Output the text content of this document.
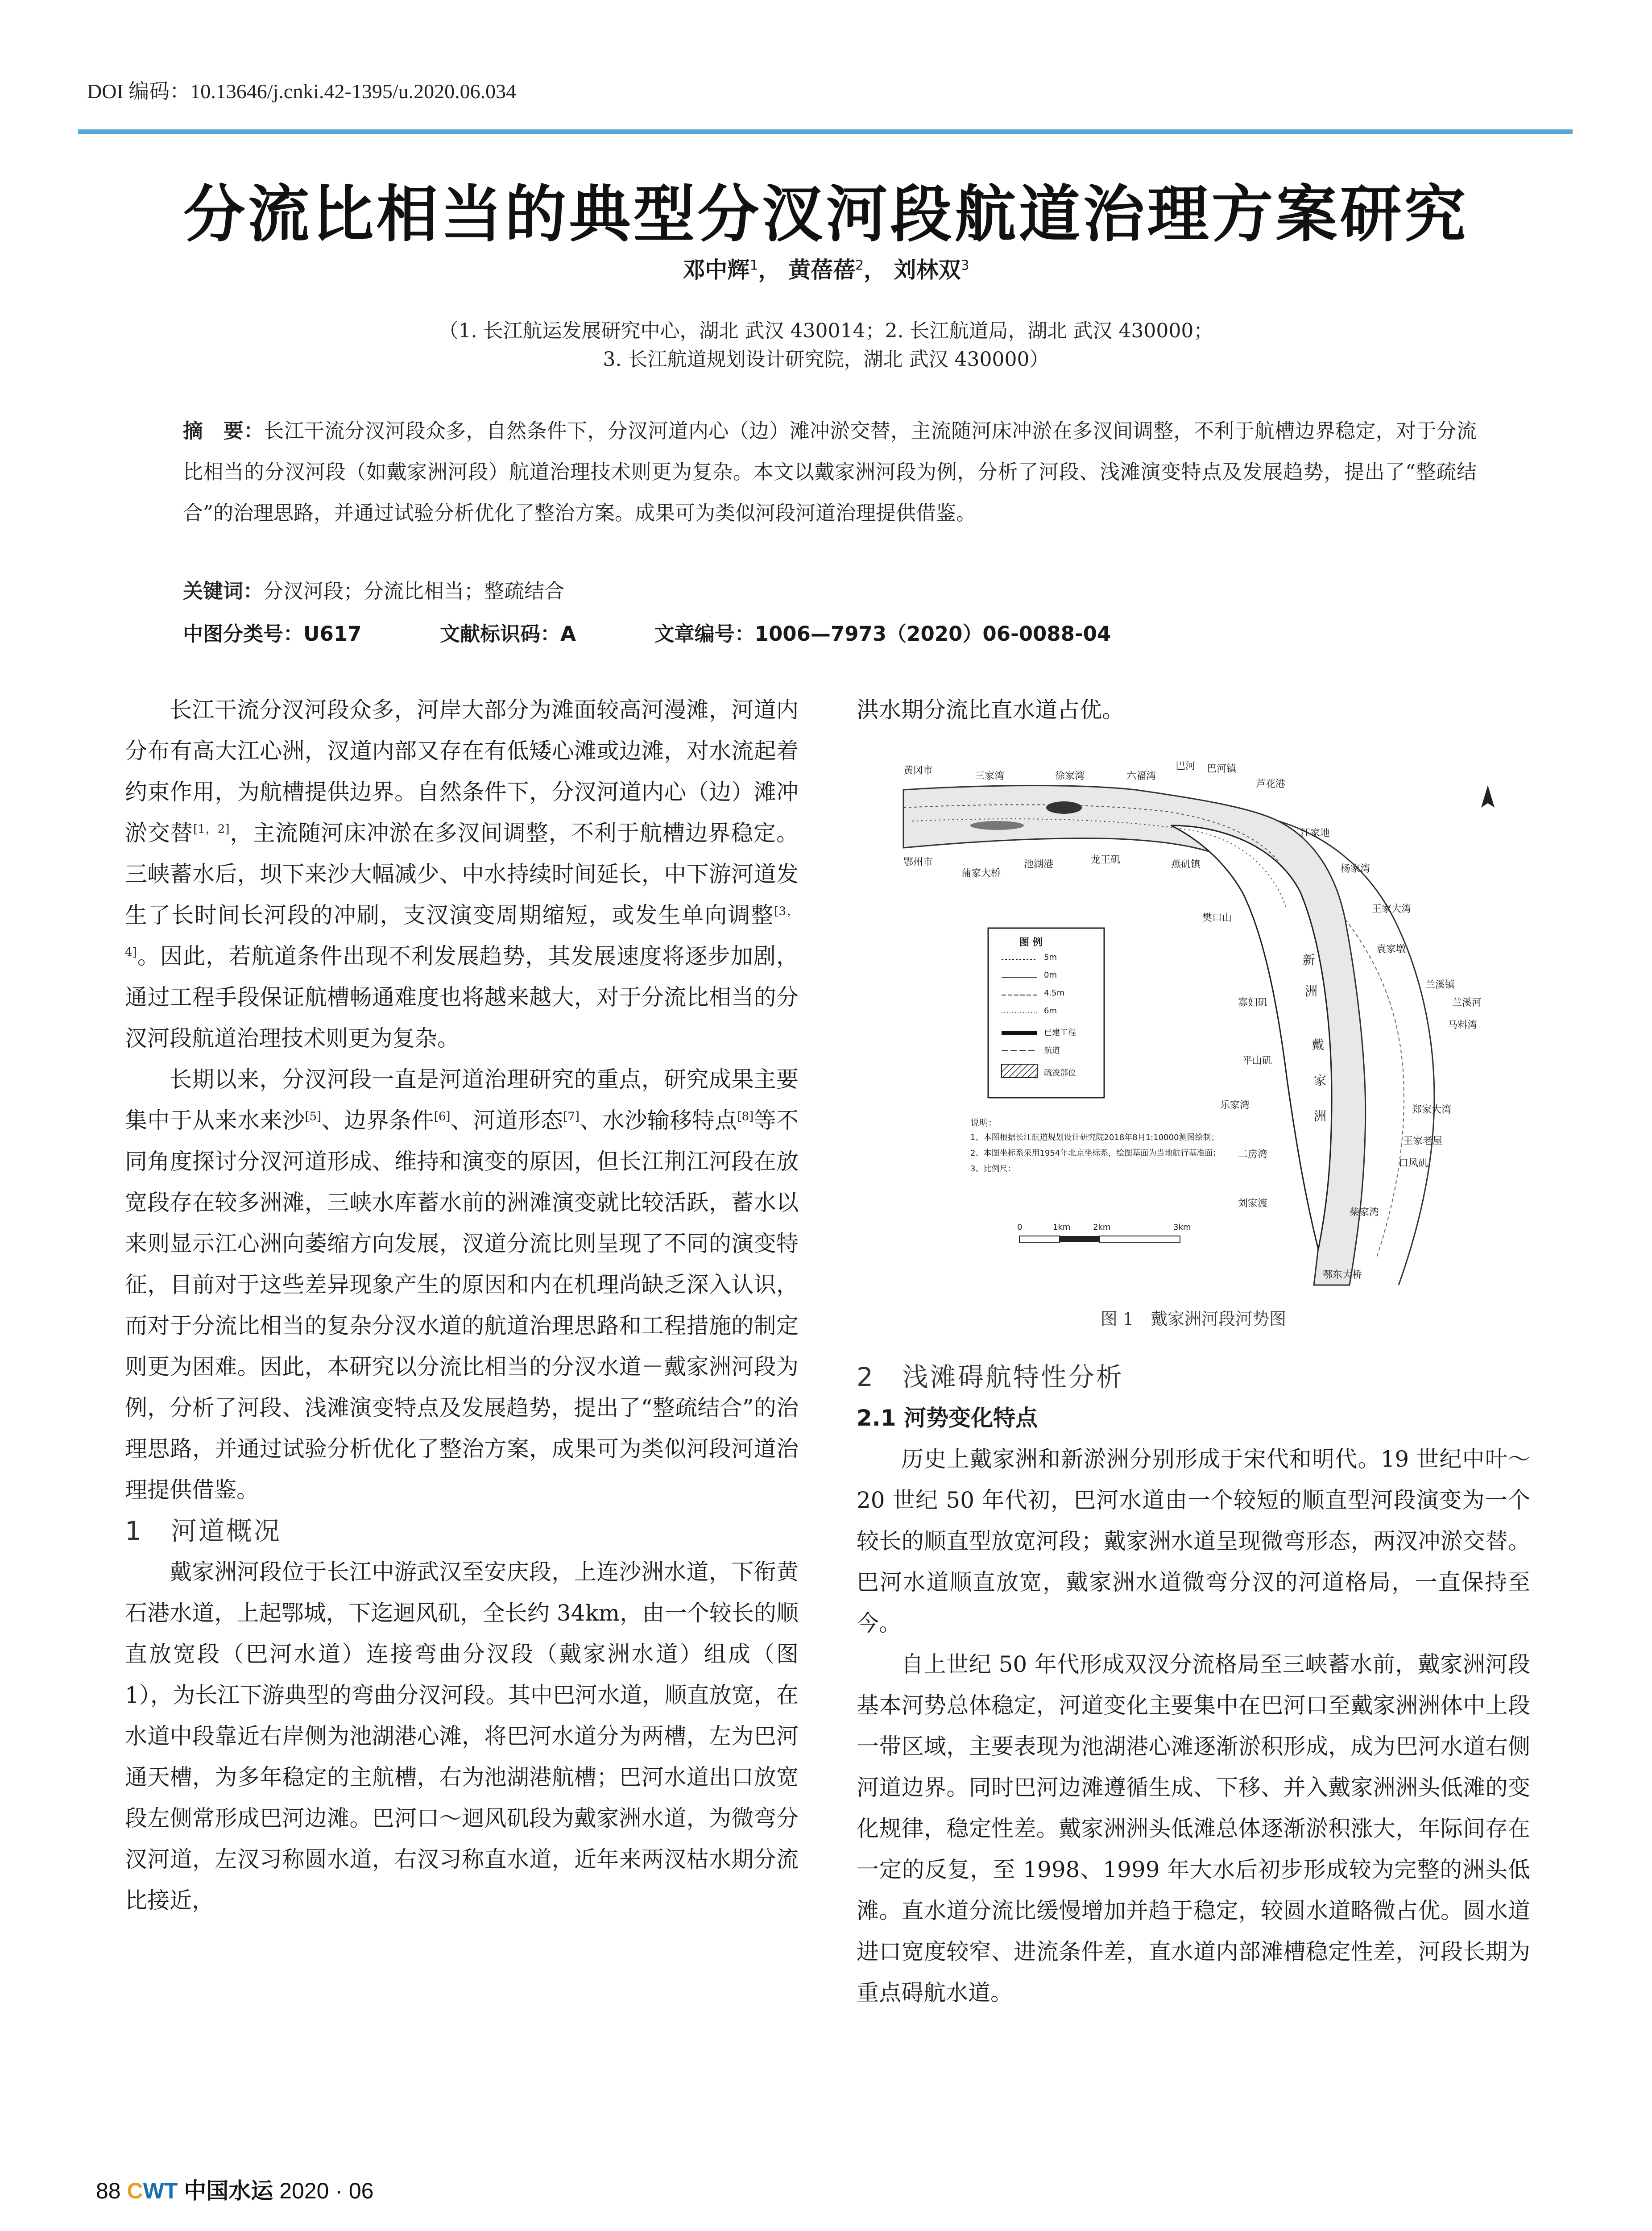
DOI 编码：10.13646/j.cnki.42-1395/u.2020.06.034
分流比相当的典型分汊河段航道治理方案研究
邓中辉$^1$， 黄蓓蓓$^2$， 刘林双$^3$
（1. 长江航运发展研究中心，湖北 武汉 430014；2. 长江航道局，湖北 武汉 430000；
3. 长江航道规划设计研究院，湖北 武汉 430000）
摘　要：长江干流分汊河段众多，自然条件下，分汊河道内心（边）滩冲淤交替，主流随河床冲淤在多汊间调整，不利于航槽边界稳定，对于分流比相当的分汊河段（如戴家洲河段）航道治理技术则更为复杂。本文以戴家洲河段为例，分析了河段、浅滩演变特点及发展趋势，提出了“整疏结合”的治理思路，并通过试验分析优化了整治方案。成果可为类似河段河道治理提供借鉴。
关键词：分汊河段；分流比相当；整疏结合
中图分类号：U617	文献标识码：A	文章编号：1006—7973（2020）06-0088-04

长江干流分汊河段众多，河岸大部分为滩面较高河漫滩，河道内分布有高大江心洲，汊道内部又存在有低矮心滩或边滩，对水流起着约束作用，为航槽提供边界。自然条件下，分汊河道内心（边）滩冲淤交替[1，2]，主流随河床冲淤在多汊间调整，不利于航槽边界稳定。三峡蓄水后，坝下来沙大幅减少、中水持续时间延长，中下游河道发生了长时间长河段的冲刷，支汊演变周期缩短，或发生单向调整[3，4]。因此，若航道条件出现不利发展趋势，其发展速度将逐步加剧，通过工程手段保证航槽畅通难度也将越来越大，对于分流比相当的分汊河段航道治理技术则更为复杂。

长期以来，分汊河段一直是河道治理研究的重点，研究成果主要集中于从来水来沙[5]、边界条件[6]、河道形态[7]、水沙输移特点[8]等不同角度探讨分汊河道形成、维持和演变的原因，但长江荆江河段在放宽段存在较多洲滩，三峡水库蓄水前的洲滩演变就比较活跃，蓄水以来则显示江心洲向萎缩方向发展，汊道分流比则呈现了不同的演变特征，目前对于这些差异现象产生的原因和内在机理尚缺乏深入认识，而对于分流比相当的复杂分汊水道的航道治理思路和工程措施的制定则更为困难。因此，本研究以分流比相当的分汊水道－戴家洲河段为例，分析了河段、浅滩演变特点及发展趋势，提出了“整疏结合”的治理思路，并通过试验分析优化了整治方案，成果可为类似河段河道治理提供借鉴。

1　河道概况

戴家洲河段位于长江中游武汉至安庆段，上连沙洲水道，下衔黄石港水道，上起鄂城，下迄迴风矶，全长约 34km，由一个较长的顺直放宽段（巴河水道）连接弯曲分汊段（戴家洲水道）组成（图 1），为长江下游典型的弯曲分汊河段。其中巴河水道，顺直放宽，在水道中段靠近右岸侧为池湖港心滩，将巴河水道分为两槽，左为巴河通天槽，为多年稳定的主航槽，右为池湖港航槽；巴河水道出口放宽段左侧常形成巴河边滩。巴河口～迴风矶段为戴家洲水道，为微弯分汊河道，左汊习称圆水道，右汊习称直水道，近年来两汊枯水期分流比接近，

洪水期分流比直水道占优。

黄冈市	三家湾	徐家湾	六福湾
巴河 巴河镇
芦花港
鄂州市
蒲家大桥
池湖港	龙王矶	燕矶镇
樊口山
江家地
杨家湾
王家大湾
袁家墩
兰溪镇
兰溪河
马料湾
郑家大湾
王家老屋
口风矶
柴家湾
鄂东大桥
寡妇矶
平山矶
乐家湾
二房湾
刘家渡
新
洲
戴
家
洲
图 例
5m
0m
4.5m
6m
已建工程
航道
疏浚部位
说明：
1、本图根据长江航道规划设计研究院2018年8月1:10000测图绘制；
2、本图坐标系采用1954年北京坐标系，绘图基面为当地航行基准面；
3、比例尺：
0	1km	2km	3km
图 1　戴家洲河段河势图

2　浅滩碍航特性分析

2.1 河势变化特点

历史上戴家洲和新淤洲分别形成于宋代和明代。19 世纪中叶～ 20 世纪 50 年代初，巴河水道由一个较短的顺直型河段演变为一个较长的顺直型放宽河段；戴家洲水道呈现微弯形态，两汊冲淤交替。巴河水道顺直放宽，戴家洲水道微弯分汊的河道格局，一直保持至今。

自上世纪 50 年代形成双汊分流格局至三峡蓄水前，戴家洲河段基本河势总体稳定，河道变化主要集中在巴河口至戴家洲洲体中上段一带区域，主要表现为池湖港心滩逐渐淤积形成，成为巴河水道右侧河道边界。同时巴河边滩遵循生成、下移、并入戴家洲洲头低滩的变化规律，稳定性差。戴家洲洲头低滩总体逐渐淤积涨大，年际间存在一定的反复，至 1998、1999 年大水后初步形成较为完整的洲头低滩。直水道分流比缓慢增加并趋于稳定，较圆水道略微占优。圆水道进口宽度较窄、进流条件差，直水道内部滩槽稳定性差，河段长期为重点碍航水道。

88 CWT 中国水运 2020 · 06
